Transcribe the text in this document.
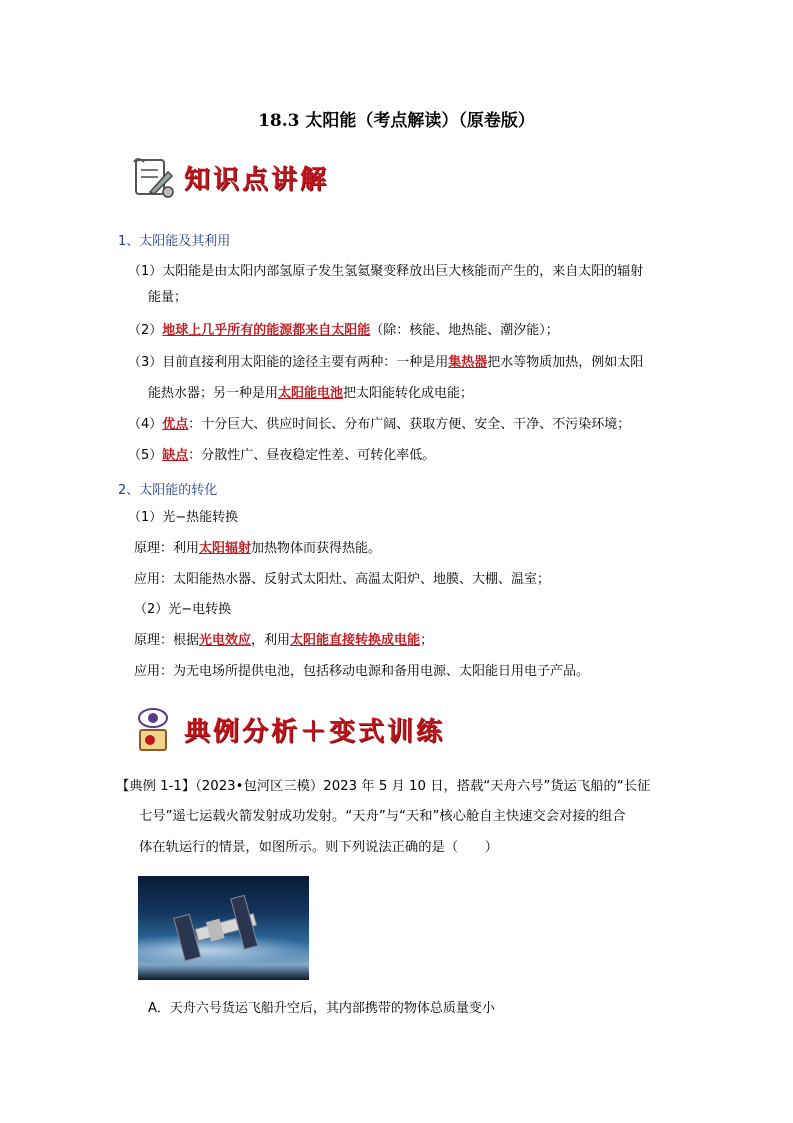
18.3 太阳能（考点解读）（原卷版）
知识点讲解
1、太阳能及其利用
（1）太阳能是由太阳内部氢原子发生氢氦聚变释放出巨大核能而产生的，来自太阳的辐射
能量；
（2）地球上几乎所有的能源都来自太阳能（除：核能、地热能、潮汐能）；
（3）目前直接利用太阳能的途径主要有两种：一种是用集热器把水等物质加热，例如太阳
能热水器；另一种是用太阳能电池把太阳能转化成电能；
（4）优点：十分巨大、供应时间长、分布广阔、获取方便、安全、干净、不污染环境；
（5）缺点：分散性广、昼夜稳定性差、可转化率低。
2、太阳能的转化
（1）光−热能转换
原理：利用太阳辐射加热物体而获得热能。
应用：太阳能热水器、反射式太阳灶、高温太阳炉、地膜、大棚、温室；
（2）光−电转换
原理：根据光电效应，利用太阳能直接转换成电能；
应用：为无电场所提供电池，包括移动电源和备用电源、太阳能日用电子产品。
典例分析＋变式训练
【典例 1-1】（2023•包河区三模）2023 年 5 月 10 日，搭载“天舟六号”货运飞船的“长征
七号”遥七运载火箭发射成功发射。“天舟”与“天和”核心舱自主快速交会对接的组合
体在轨运行的情景，如图所示。则下列说法正确的是（　　）
A．天舟六号货运飞船升空后，其内部携带的物体总质量变小
